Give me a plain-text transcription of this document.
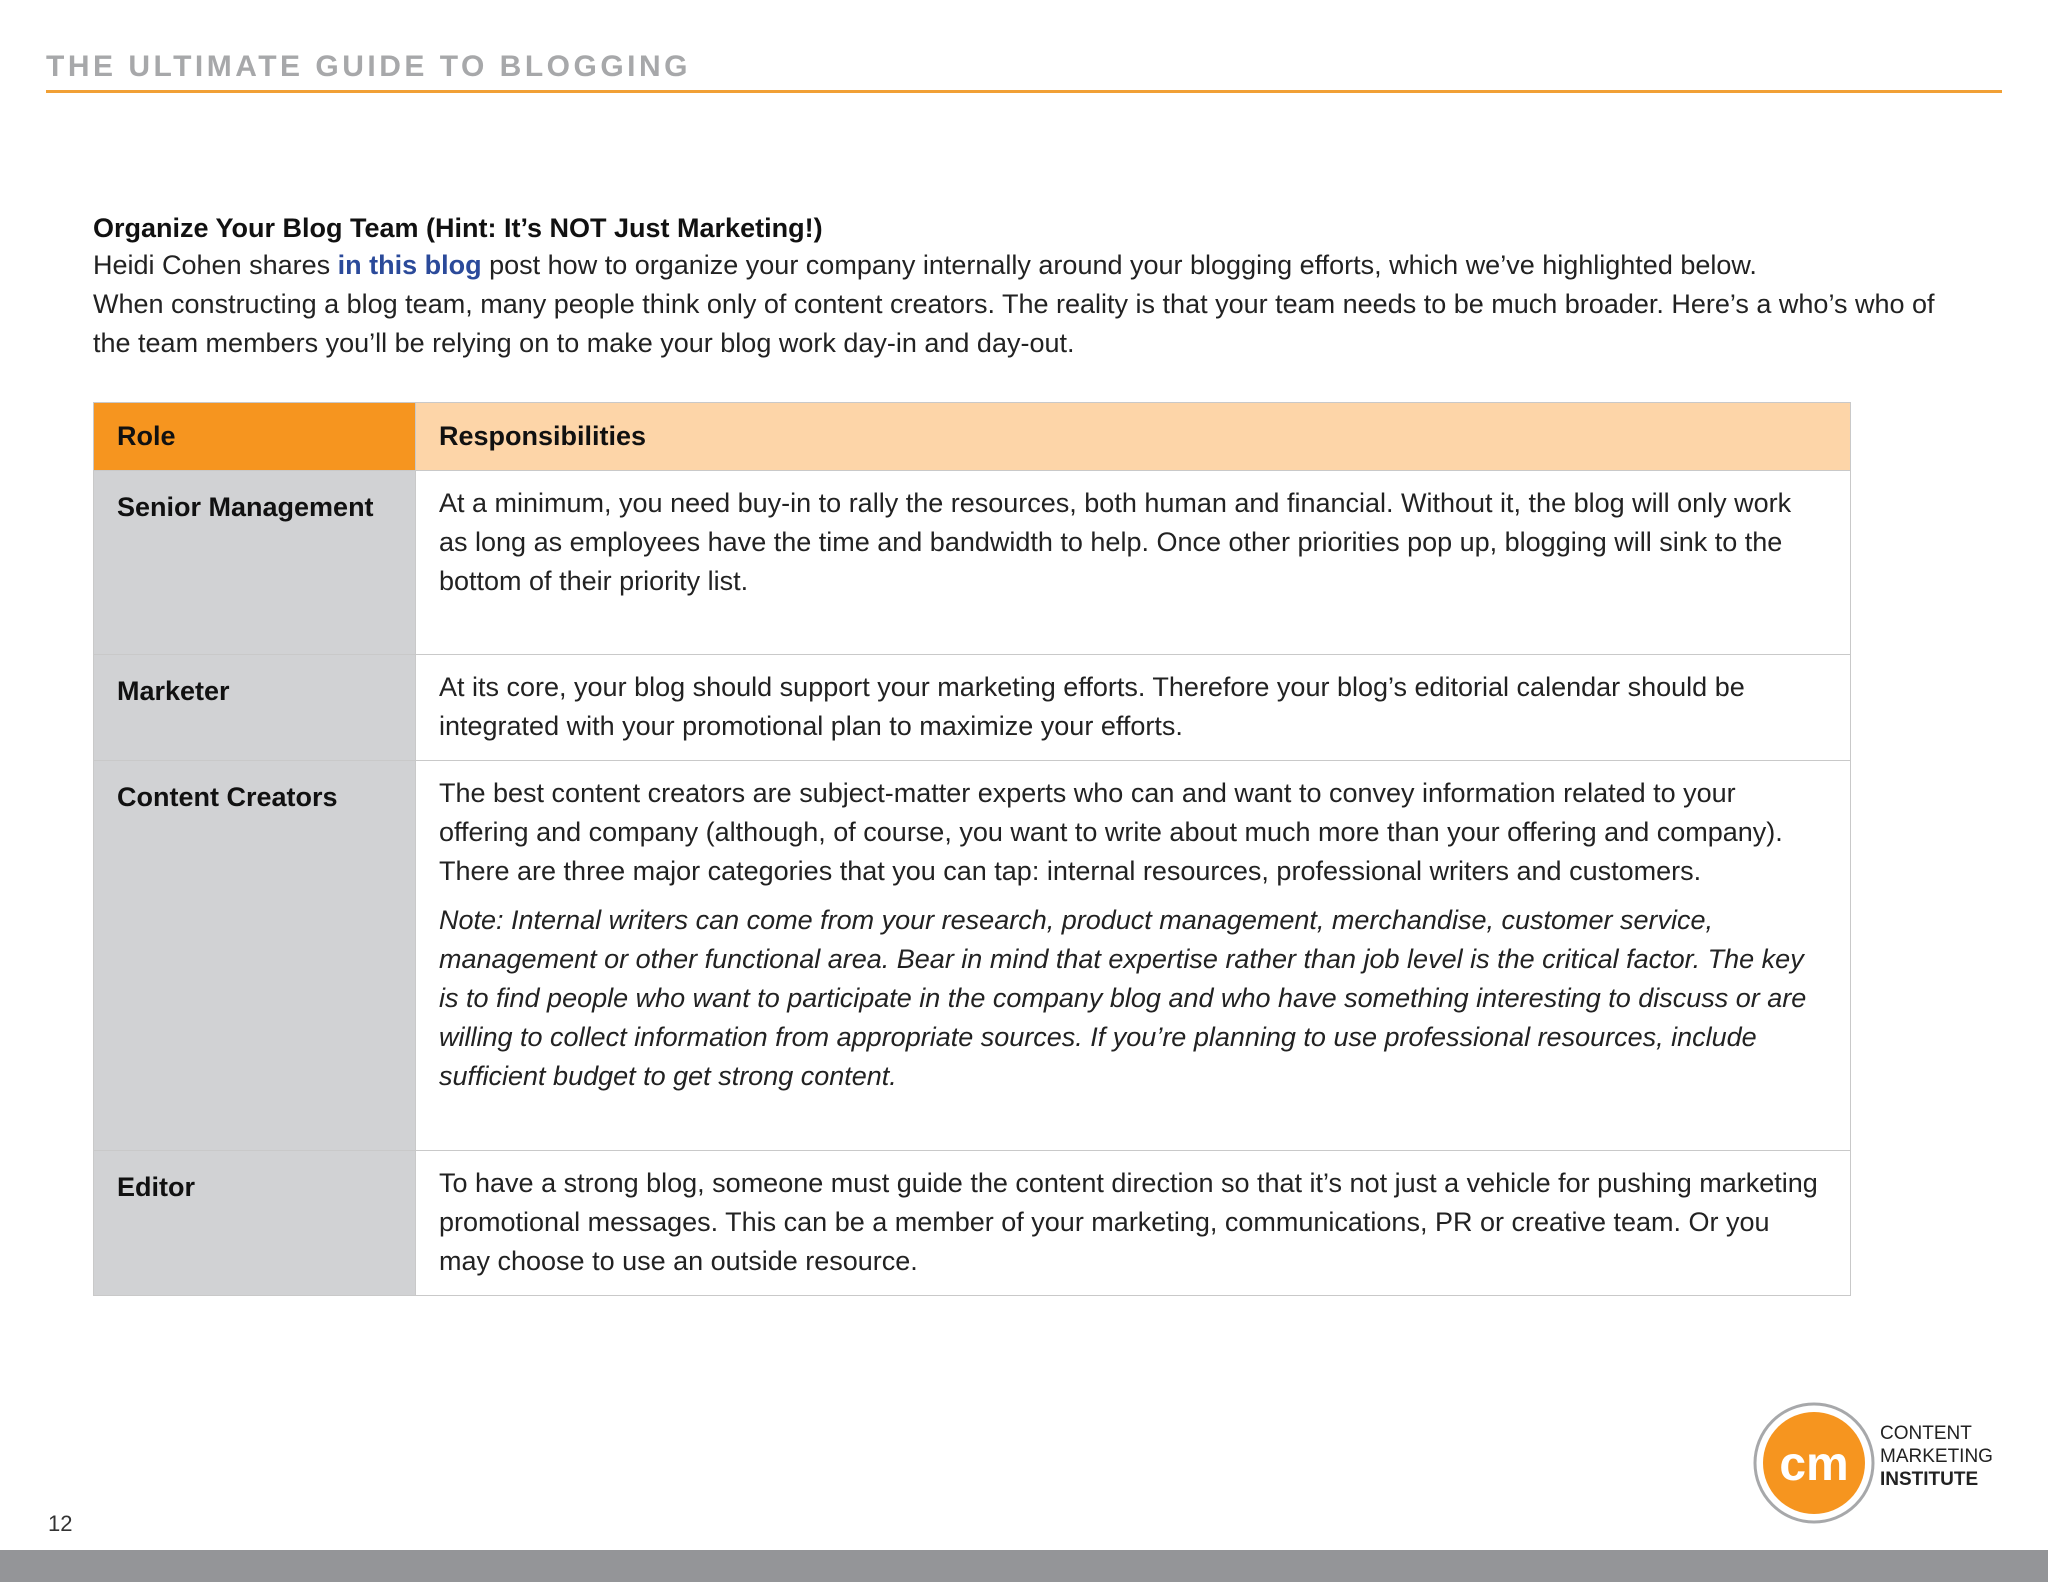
THE ULTIMATE GUIDE TO BLOGGING
Organize Your Blog Team (Hint: It’s NOT Just Marketing!)
Heidi Cohen shares in this blog post how to organize your company internally around your blogging efforts, which we’ve highlighted below.
When constructing a blog team, many people think only of content creators. The reality is that your team needs to be much broader. Here’s a who’s who of the team members you’ll be relying on to make your blog work day-in and day-out.
Role	Responsibilities
Senior Management	At a minimum, you need buy-in to rally the resources, both human and financial. Without it, the blog will only work as long as employees have the time and bandwidth to help. Once other priorities pop up, blogging will sink to the bottom of their priority list.

Marketer	At its core, your blog should support your marketing efforts. Therefore your blog’s editorial calendar should be integrated with your promotional plan to maximize your efforts.

Content Creators	The best content creators are subject-matter experts who can and want to convey information related to your offering and company (although, of course, you want to write about much more than your offering and company). There are three major categories that you can tap: internal resources, professional writers and customers.
Note: Internal writers can come from your research, product management, merchandise, customer service, management or other functional area. Bear in mind that expertise rather than job level is the critical factor. The key is to find people who want to participate in the company blog and who have something interesting to discuss or are willing to collect information from appropriate sources. If you’re planning to use professional resources, include sufficient budget to get strong content.

Editor	To have a strong blog, someone must guide the content direction so that it’s not just a vehicle for pushing marketing promotional messages. This can be a member of your marketing, communications, PR or creative team. Or you may choose to use an outside resource.
cm
CONTENT
MARKETING
INSTITUTE
12
